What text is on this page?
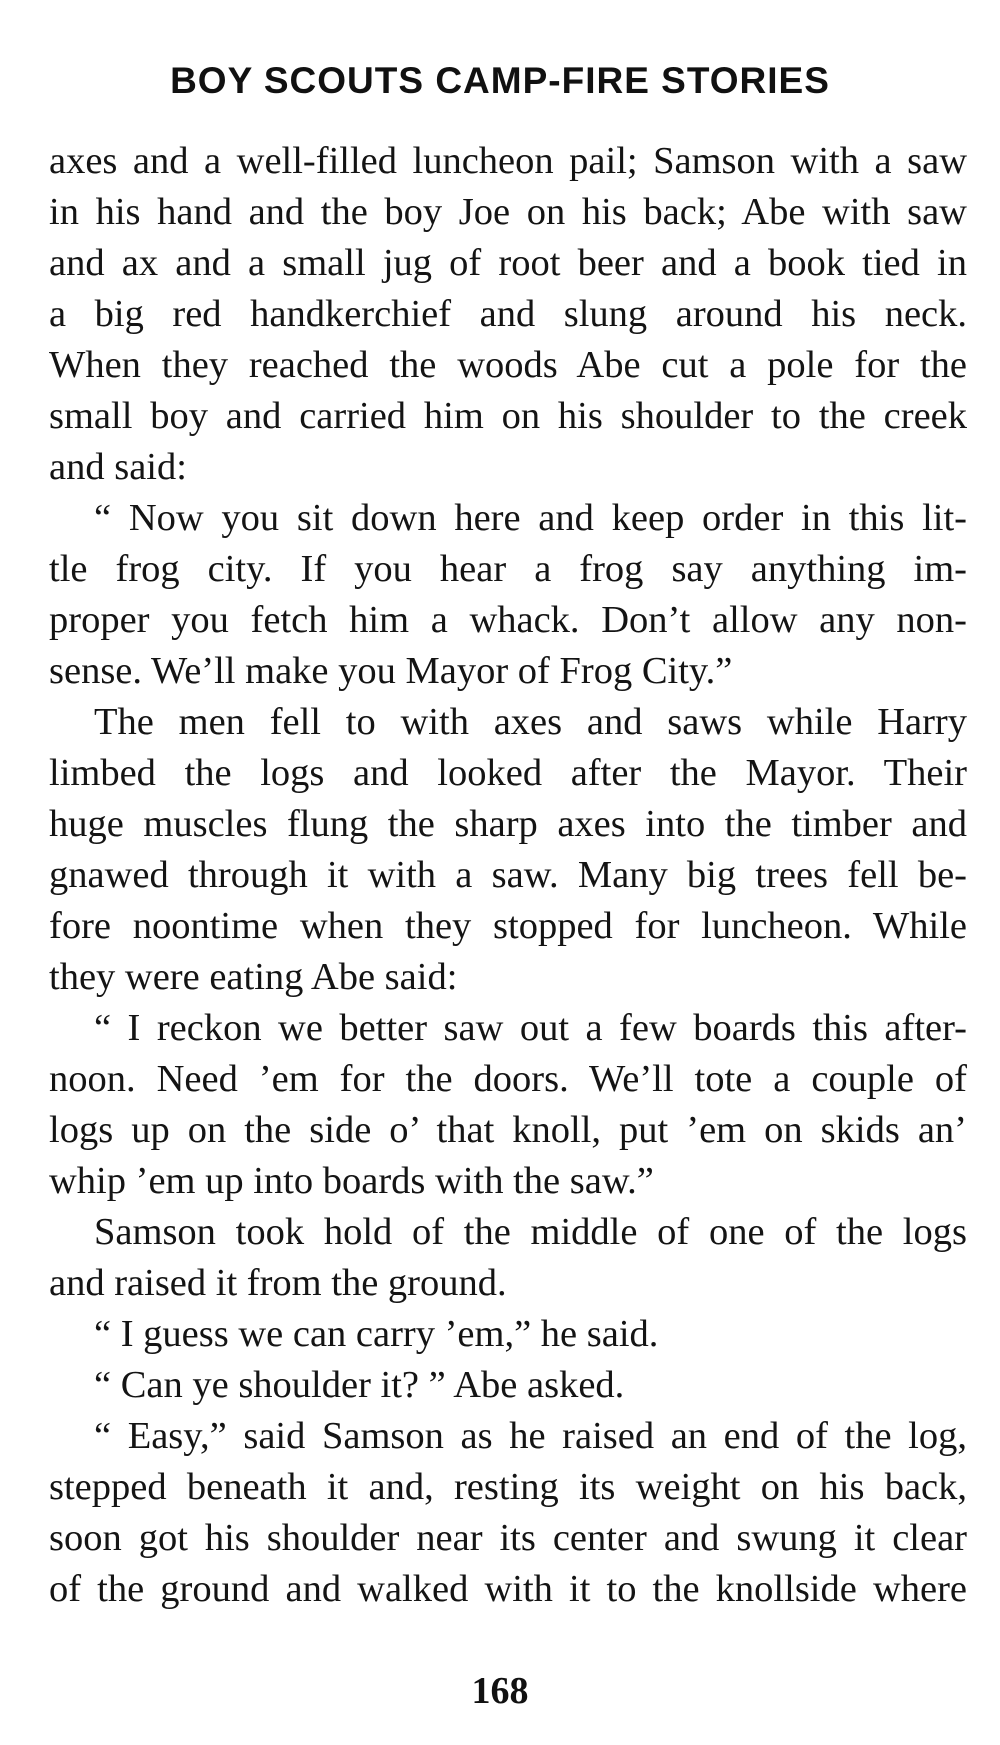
BOY SCOUTS CAMP-FIRE STORIES
axes and a well-filled luncheon pail; Samson with a saw
in his hand and the boy Joe on his back; Abe with saw
and ax and a small jug of root beer and a book tied in
a big red handkerchief and slung around his neck.
When they reached the woods Abe cut a pole for the
small boy and carried him on his shoulder to the creek
and said:
“ Now you sit down here and keep order in this lit-
tle frog city. If you hear a frog say anything im-
proper you fetch him a whack. Don’t allow any non-
sense. We’ll make you Mayor of Frog City.”
The men fell to with axes and saws while Harry
limbed the logs and looked after the Mayor. Their
huge muscles flung the sharp axes into the timber and
gnawed through it with a saw. Many big trees fell be-
fore noontime when they stopped for luncheon. While
they were eating Abe said:
“ I reckon we better saw out a few boards this after-
noon. Need ’em for the doors. We’ll tote a couple of
logs up on the side o’ that knoll, put ’em on skids an’
whip ’em up into boards with the saw.”
Samson took hold of the middle of one of the logs
and raised it from the ground.
“ I guess we can carry ’em,” he said.
“ Can ye shoulder it? ” Abe asked.
“ Easy,” said Samson as he raised an end of the log,
stepped beneath it and, resting its weight on his back,
soon got his shoulder near its center and swung it clear
of the ground and walked with it to the knollside where
168
